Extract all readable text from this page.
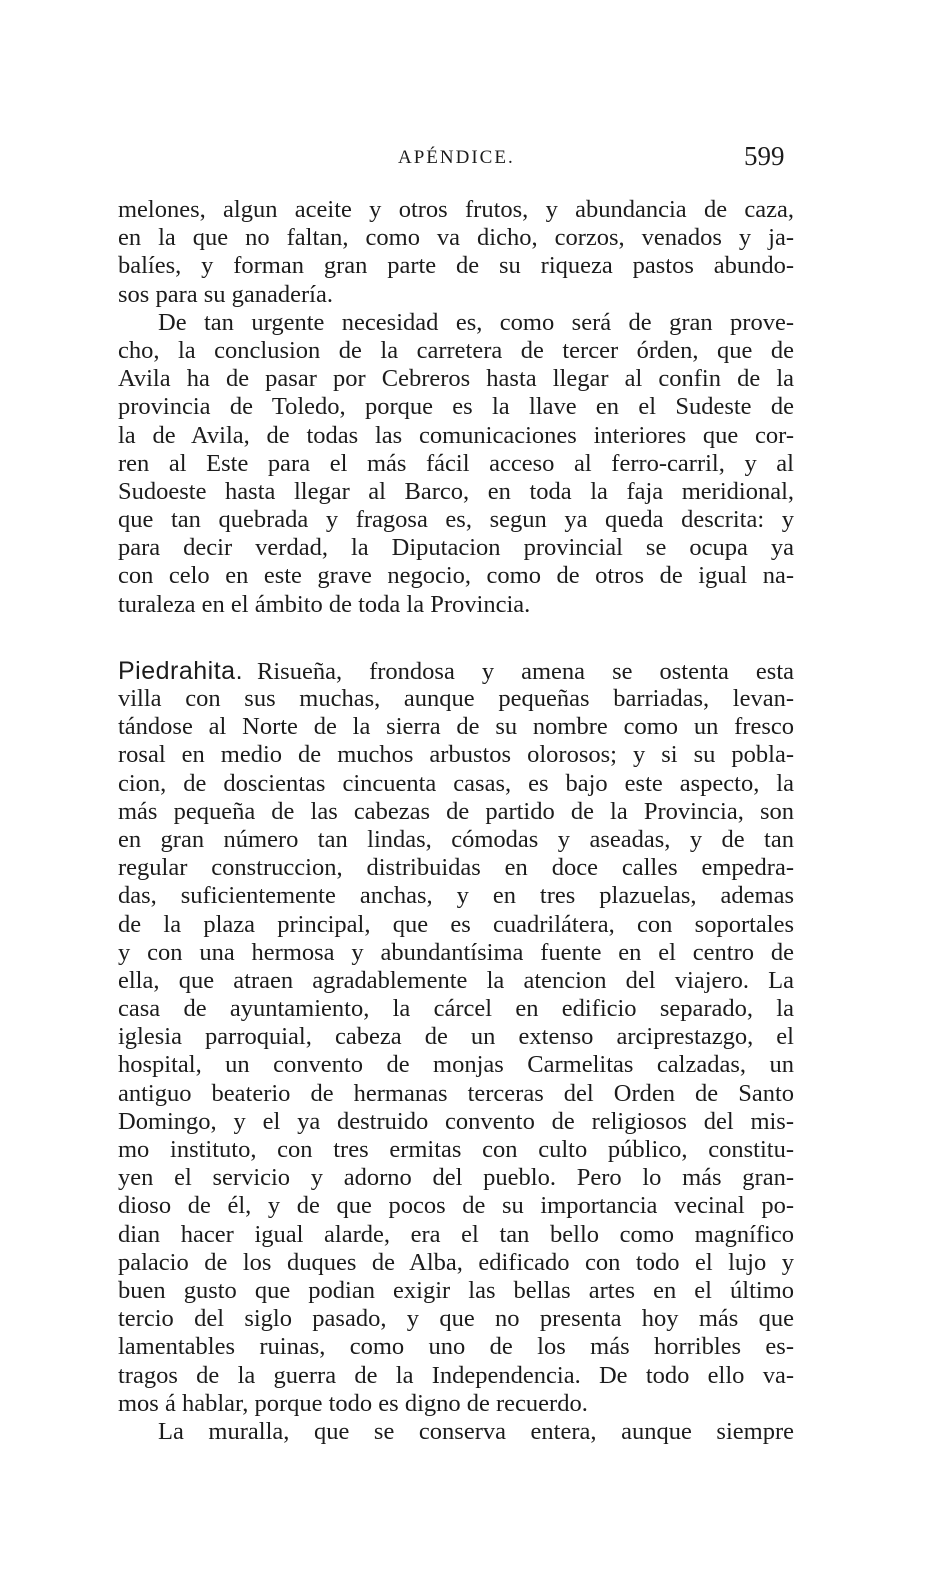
APÉNDICE.	599
melones, algun aceite y otros frutos, y abundancia de caza,
en la que no faltan, como va dicho, corzos, venados y ja-
balíes, y forman gran parte de su riqueza pastos abundo-
sos para su ganadería.
De tan urgente necesidad es, como será de gran prove-
cho, la conclusion de la carretera de tercer órden, que de
Avila ha de pasar por Cebreros hasta llegar al confin de la
provincia de Toledo, porque es la llave en el Sudeste de
la de Avila, de todas las comunicaciones interiores que cor-
ren al Este para el más fácil acceso al ferro-carril, y al
Sudoeste hasta llegar al Barco, en toda la faja meridional,
que tan quebrada y fragosa es, segun ya queda descrita: y
para decir verdad, la Diputacion provincial se ocupa ya
con celo en este grave negocio, como de otros de igual na-
turaleza en el ámbito de toda la Provincia.
Piedrahita. Risueña, frondosa y amena se ostenta esta
villa con sus muchas, aunque pequeñas barriadas, levan-
tándose al Norte de la sierra de su nombre como un fresco
rosal en medio de muchos arbustos olorosos; y si su pobla-
cion, de doscientas cincuenta casas, es bajo este aspecto, la
más pequeña de las cabezas de partido de la Provincia, son
en gran número tan lindas, cómodas y aseadas, y de tan
regular construccion, distribuidas en doce calles empedra-
das, suficientemente anchas, y en tres plazuelas, ademas
de la plaza principal, que es cuadrilátera, con soportales
y con una hermosa y abundantísima fuente en el centro de
ella, que atraen agradablemente la atencion del viajero. La
casa de ayuntamiento, la cárcel en edificio separado, la
iglesia parroquial, cabeza de un extenso arciprestazgo, el
hospital, un convento de monjas Carmelitas calzadas, un
antiguo beaterio de hermanas terceras del Orden de Santo
Domingo, y el ya destruido convento de religiosos del mis-
mo instituto, con tres ermitas con culto público, constitu-
yen el servicio y adorno del pueblo. Pero lo más gran-
dioso de él, y de que pocos de su importancia vecinal po-
dian hacer igual alarde, era el tan bello como magnífico
palacio de los duques de Alba, edificado con todo el lujo y
buen gusto que podian exigir las bellas artes en el último
tercio del siglo pasado, y que no presenta hoy más que
lamentables ruinas, como uno de los más horribles es-
tragos de la guerra de la Independencia. De todo ello va-
mos á hablar, porque todo es digno de recuerdo.
La muralla, que se conserva entera, aunque siempre
